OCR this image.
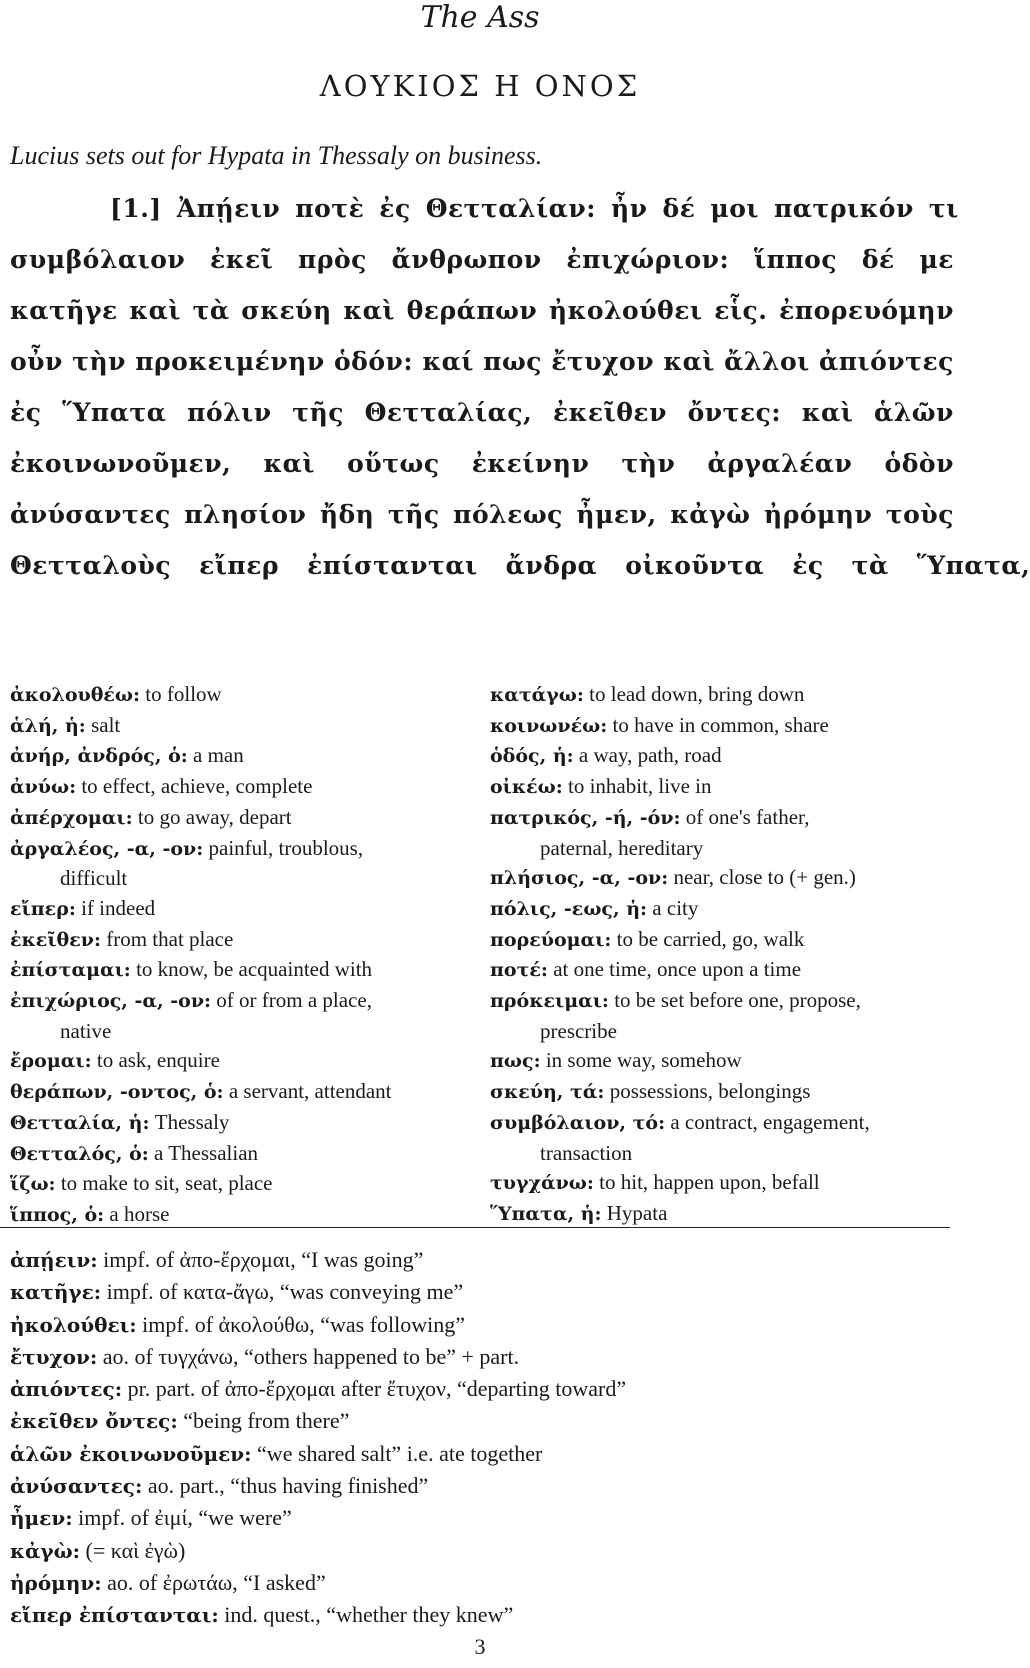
The Ass
ΛΟΥΚΙΟΣ Η ΟΝΟΣ
Lucius sets out for Hypata in Thessaly on business.
[1.] Ἀπῄειν ποτὲ ἐς Θετταλίαν: ἦν δέ μοι πατρικόν τι
συμβόλαιον ἐκεῖ πρὸς ἄνθρωπον ἐπιχώριον: ἵππος δέ με
κατῆγε καὶ τὰ σκεύη καὶ θεράπων ἠκολούθει εἷς. ἐπορευόμην
οὖν τὴν προκειμένην ὁδόν: καί πως ἔτυχον καὶ ἄλλοι ἀπιόντες
ἐς Ὕπατα πόλιν τῆς Θετταλίας, ἐκεῖθεν ὄντες: καὶ ἁλῶν
ἐκοινωνοῦμεν, καὶ οὕτως ἐκείνην τὴν ἀργαλέαν ὁδὸν
ἀνύσαντες πλησίον ἤδη τῆς πόλεως ἦμεν, κἀγὼ ἠρόμην τοὺς
Θετταλοὺς εἴπερ ἐπίστανται ἄνδρα οἰκοῦντα ἐς τὰ Ὕπατα,
ἀκολουθέω: to follow
ἁλή, ἡ: salt
ἀνήρ, ἀνδρός, ὁ: a man
ἀνύω: to effect, achieve, complete
ἀπέρχομαι: to go away, depart
ἀργαλέος, -α, -ον: painful, troublous,
difficult
εἴπερ: if indeed
ἐκεῖθεν: from that place
ἐπίσταμαι: to know, be acquainted with
ἐπιχώριος, -α, -ον: of or from a place,
native
ἔρομαι: to ask, enquire
θεράπων, -οντος, ὁ: a servant, attendant
Θετταλία, ἡ: Thessaly
Θετταλός, ὁ: a Thessalian
ἵζω: to make to sit, seat, place
ἵππος, ὁ: a horse
κατάγω: to lead down, bring down
κοινωνέω: to have in common, share
ὁδός, ἡ: a way, path, road
οἰκέω: to inhabit, live in
πατρικός, -ή, -όν: of one's father,
paternal, hereditary
πλήσιος, -α, -ον: near, close to (+ gen.)
πόλις, -εως, ἡ: a city
πορεύομαι: to be carried, go, walk
ποτέ: at one time, once upon a time
πρόκειμαι: to be set before one, propose,
prescribe
πως: in some way, somehow
σκεύη, τά: possessions, belongings
συμβόλαιον, τό: a contract, engagement,
transaction
τυγχάνω: to hit, happen upon, befall
Ὕπατα, ἡ: Hypata
ἀπῄειν: impf. of ἀπο-ἔρχομαι, “I was going”
κατῆγε: impf. of κατα-ἄγω, “was conveying me”
ἠκολούθει: impf. of ἀκολούθω, “was following”
ἔτυχον: ao. of τυγχάνω, “others happened to be” + part.
ἀπιόντες: pr. part. of ἀπο-ἔρχομαι after ἔτυχον, “departing toward”
ἐκεῖθεν ὄντες: “being from there”
ἁλῶν ἐκοινωνοῦμεν: “we shared salt” i.e. ate together
ἀνύσαντες: ao. part., “thus having finished”
ἦμεν: impf. of ἐιμί, “we were”
κἀγὼ: (= καὶ ἐγὼ)
ἠρόμην: ao. of ἐρωτάω, “I asked”
εἴπερ ἐπίστανται: ind. quest., “whether they knew”
3
